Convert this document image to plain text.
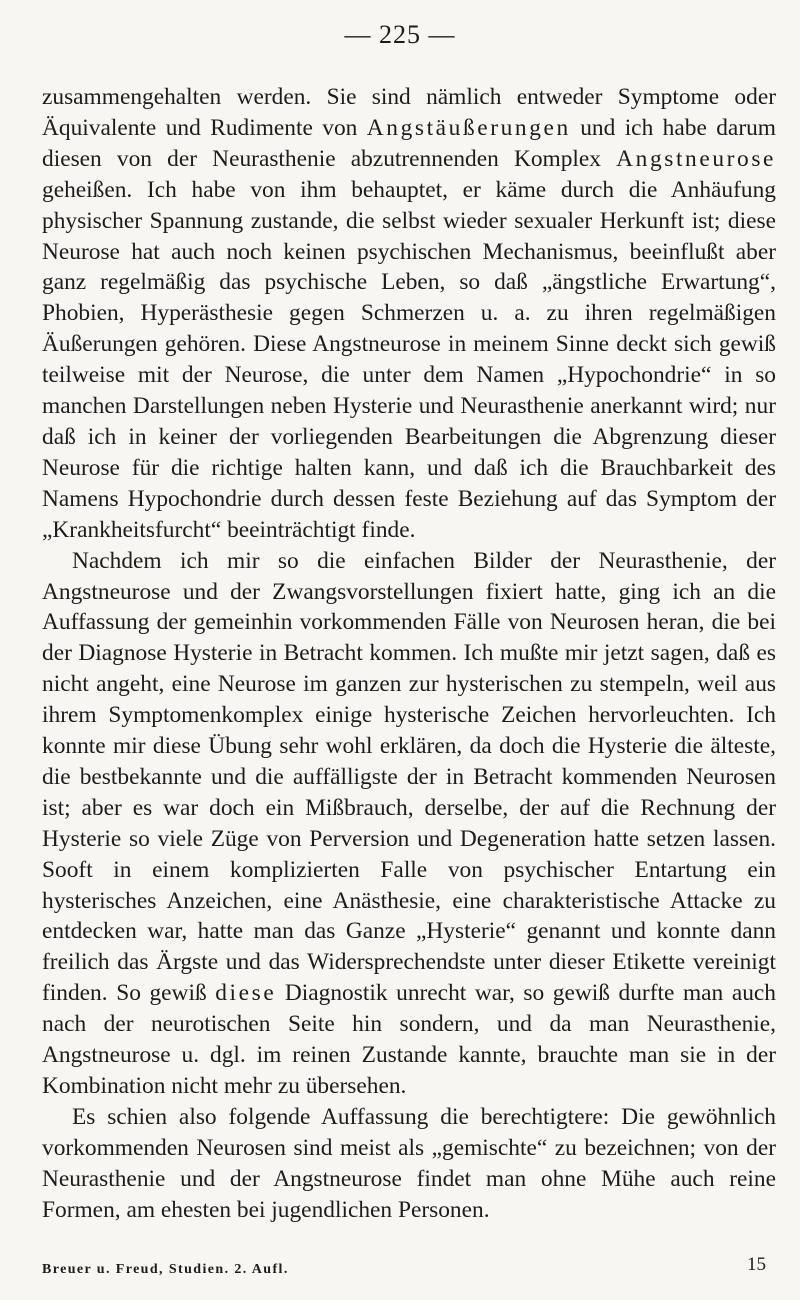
— 225 —

zusammengehalten werden. Sie sind nämlich entweder Symptome oder Äquivalente und Rudimente von Angstäußerungen und ich habe darum diesen von der Neurasthenie abzutrennenden Komplex Angstneurose geheißen. Ich habe von ihm behauptet, er käme durch die Anhäufung physischer Spannung zustande, die selbst wieder sexualer Herkunft ist; diese Neurose hat auch noch keinen psychischen Mechanismus, beeinflußt aber ganz regelmäßig das psychische Leben, so daß „ängstliche Erwartung“, Phobien, Hyperästhesie gegen Schmerzen u. a. zu ihren regelmäßigen Äußerungen gehören. Diese Angstneurose in meinem Sinne deckt sich gewiß teilweise mit der Neurose, die unter dem Namen „Hypochondrie“ in so manchen Darstellungen neben Hysterie und Neurasthenie anerkannt wird; nur daß ich in keiner der vorliegenden Bearbeitungen die Abgrenzung dieser Neurose für die richtige halten kann, und daß ich die Brauchbarkeit des Namens Hypochondrie durch dessen feste Beziehung auf das Symptom der „Krankheitsfurcht“ beeinträchtigt finde.

Nachdem ich mir so die einfachen Bilder der Neurasthenie, der Angstneurose und der Zwangsvorstellungen fixiert hatte, ging ich an die Auffassung der gemeinhin vorkommenden Fälle von Neurosen heran, die bei der Diagnose Hysterie in Betracht kommen. Ich mußte mir jetzt sagen, daß es nicht angeht, eine Neurose im ganzen zur hysterischen zu stempeln, weil aus ihrem Symptomenkomplex einige hysterische Zeichen hervorleuchten. Ich konnte mir diese Übung sehr wohl erklären, da doch die Hysterie die älteste, die bestbekannte und die auffälligste der in Betracht kommenden Neurosen ist; aber es war doch ein Mißbrauch, derselbe, der auf die Rechnung der Hysterie so viele Züge von Perversion und Degeneration hatte setzen lassen. Sooft in einem komplizierten Falle von psychischer Entartung ein hysterisches Anzeichen, eine Anästhesie, eine charakteristische Attacke zu entdecken war, hatte man das Ganze „Hysterie“ genannt und konnte dann freilich das Ärgste und das Widersprechendste unter dieser Etikette vereinigt finden. So gewiß diese Diagnostik unrecht war, so gewiß durfte man auch nach der neurotischen Seite hin sondern, und da man Neurasthenie, Angstneurose u. dgl. im reinen Zustande kannte, brauchte man sie in der Kombination nicht mehr zu übersehen.

Es schien also folgende Auffassung die berechtigtere: Die gewöhnlich vorkommenden Neurosen sind meist als „gemischte“ zu bezeichnen; von der Neurasthenie und der Angstneurose findet man ohne Mühe auch reine Formen, am ehesten bei jugendlichen Personen.

Breuer u. Freud, Studien. 2. Aufl.	15
